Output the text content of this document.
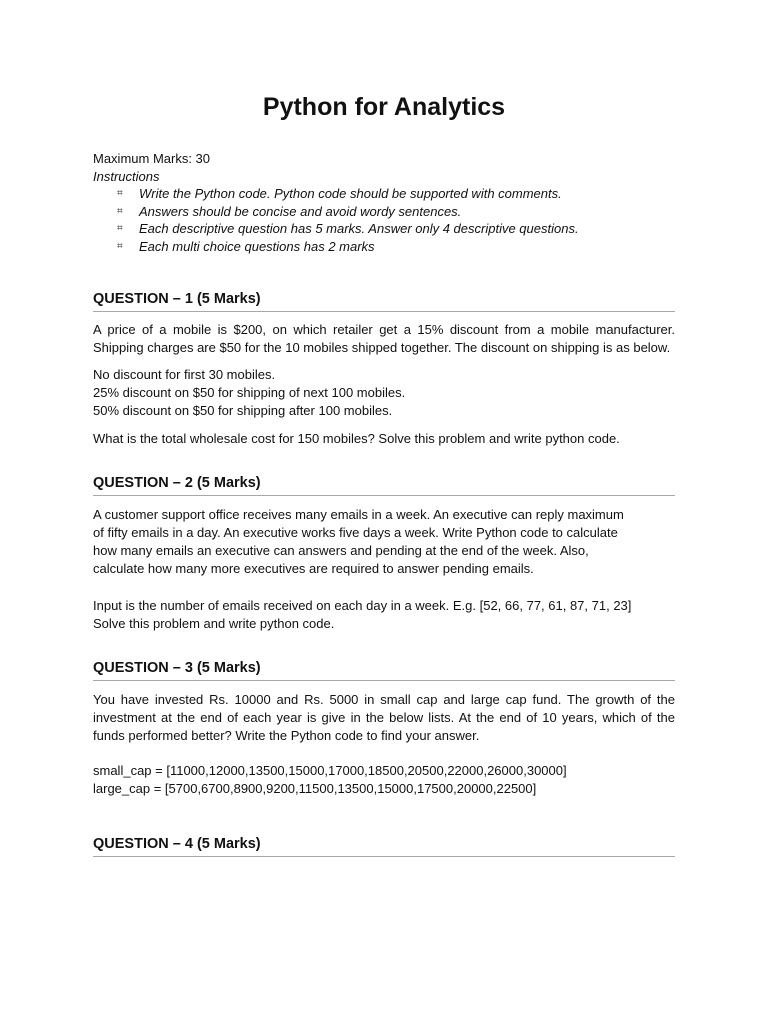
Python for Analytics
Maximum Marks: 30
Instructions
⌗ Write the Python code. Python code should be supported with comments.
⌗ Answers should be concise and avoid wordy sentences.
⌗ Each descriptive question has 5 marks. Answer only 4 descriptive questions.
⌗ Each multi choice questions has 2 marks
QUESTION – 1 (5 Marks)

A price of a mobile is $200, on which retailer get a 15% discount from a mobile manufacturer. Shipping charges are $50 for the 10 mobiles shipped together. The discount on shipping is as below.

No discount for first 30 mobiles.
25% discount on $50 for shipping of next 100 mobiles.
50% discount on $50 for shipping after 100 mobiles.

What is the total wholesale cost for 150 mobiles? Solve this problem and write python code.

QUESTION – 2 (5 Marks)
A customer support office receives many emails in a week. An executive can reply maximum
of fifty emails in a day. An executive works five days a week. Write Python code to calculate
how many emails an executive can answers and pending at the end of the week. Also,
calculate how many more executives are required to answer pending emails.
Input is the number of emails received on each day in a week. E.g. [52, 66, 77, 61, 87, 71, 23]
Solve this problem and write python code.
QUESTION – 3 (5 Marks)

You have invested Rs. 10000 and Rs. 5000 in small cap and large cap fund. The growth of the investment at the end of each year is give in the below lists. At the end of 10 years, which of the funds performed better? Write the Python code to find your answer.

small_cap = [11000,12000,13500,15000,17000,18500,20500,22000,26000,30000]
large_cap = [5700,6700,8900,9200,11500,13500,15000,17500,20000,22500]
QUESTION – 4 (5 Marks)
